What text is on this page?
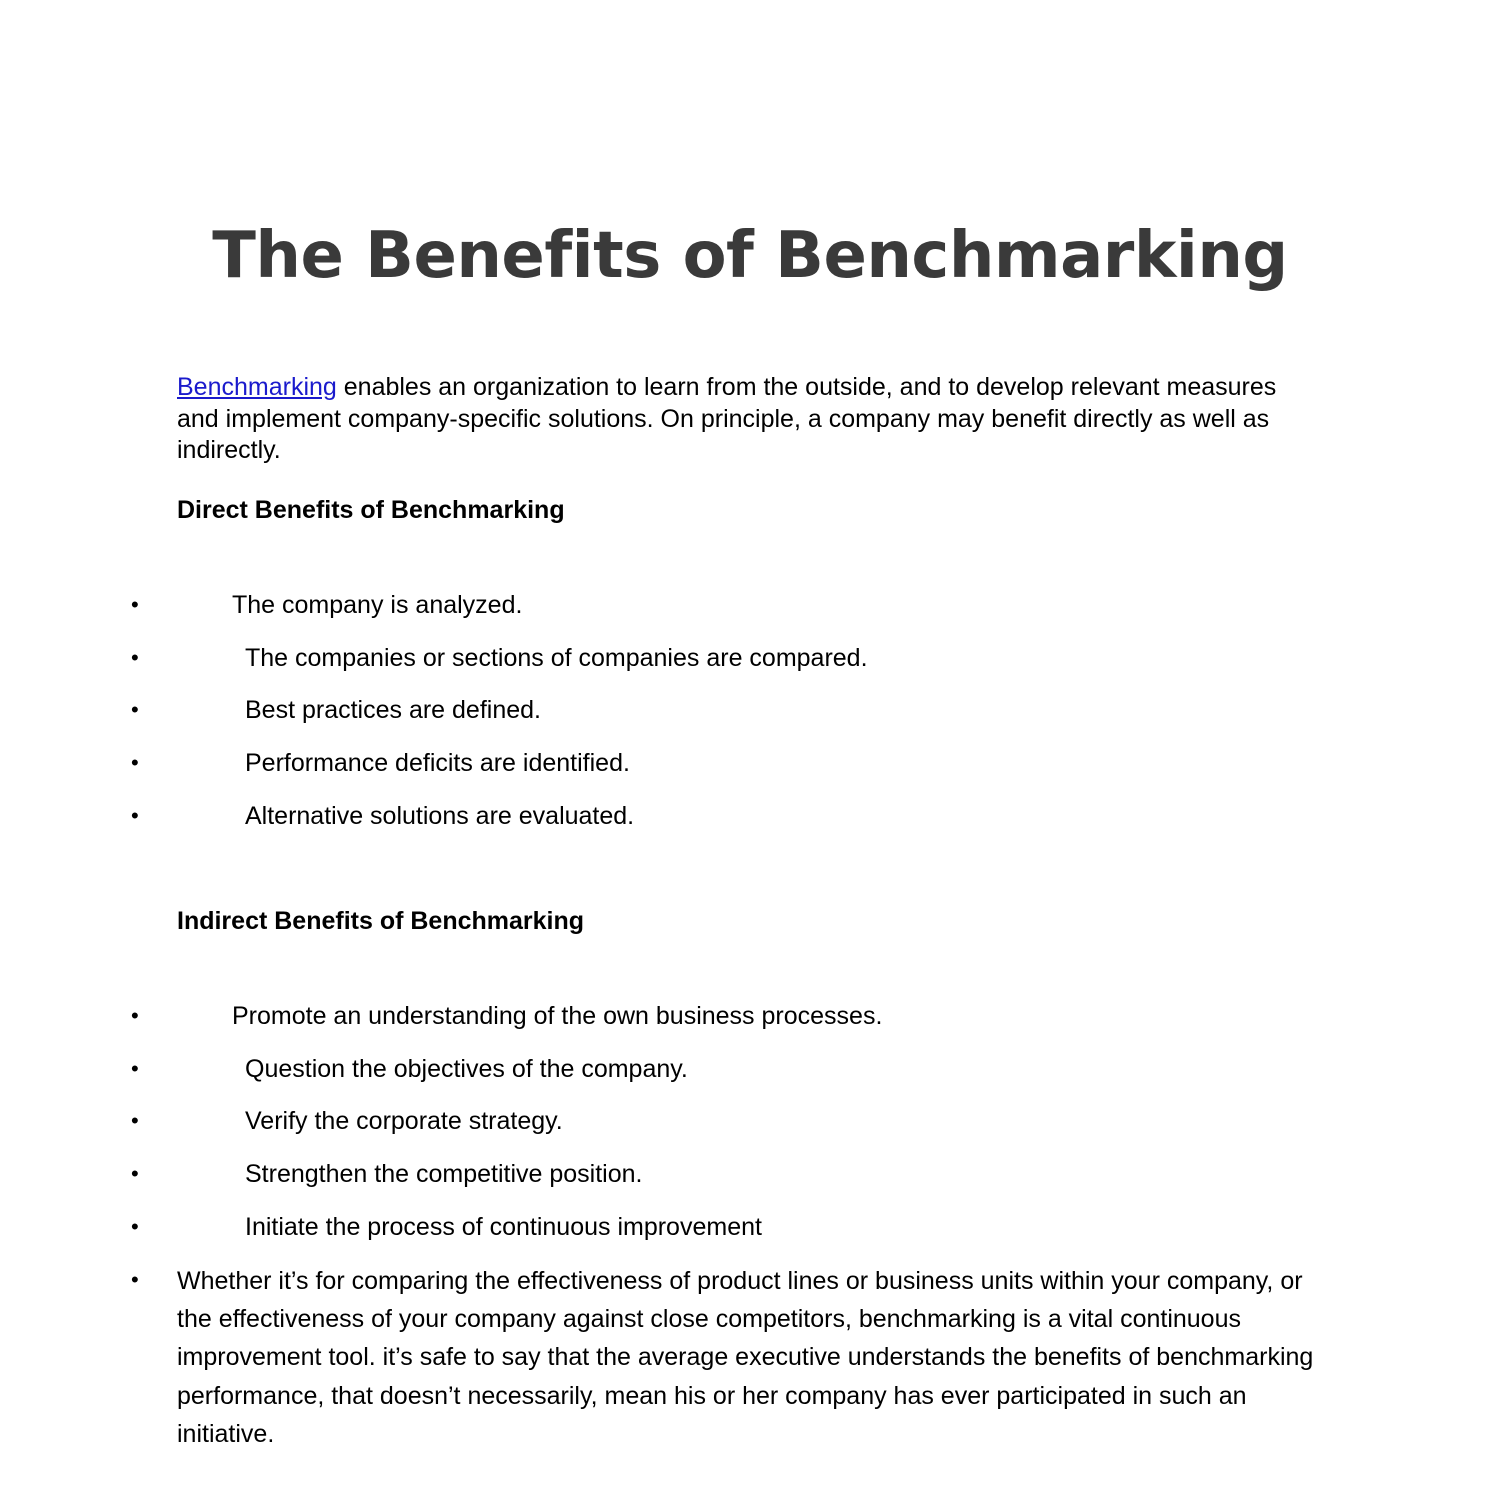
The Benefits of Benchmarking

Benchmarking enables an organization to learn from the outside, and to develop relevant measures and implement company-specific solutions. On principle, a company may benefit directly as well as indirectly.

Direct Benefits of Benchmarking
•	The company is analyzed.
•	The companies or sections of companies are compared.
•	Best practices are defined.
•	Performance deficits are identified.
•	Alternative solutions are evaluated.
Indirect Benefits of Benchmarking
•	Promote an understanding of the own business processes.
•	Question the objectives of the company.
•	Verify the corporate strategy.
•	Strengthen the competitive position.
•	Initiate the process of continuous improvement
• Whether it’s for comparing the effectiveness of product lines or business units within your company, or the effectiveness of your company against close competitors, benchmarking is a vital continuous improvement tool. it’s safe to say that the average executive understands the benefits of benchmarking performance, that doesn’t necessarily, mean his or her company has ever participated in such an initiative.
